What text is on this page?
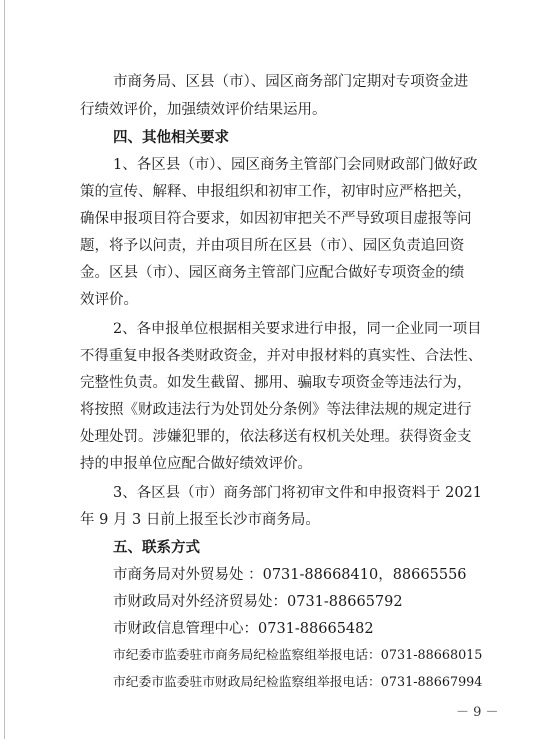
市商务局、区县（市）、园区商务部门定期对专项资金进
行绩效评价，加强绩效评价结果运用。
四、其他相关要求
1、各区县（市）、园区商务主管部门会同财政部门做好政
策的宣传、解释、申报组织和初审工作，初审时应严格把关，
确保申报项目符合要求，如因初审把关不严导致项目虚报等问
题，将予以问责，并由项目所在区县（市）、园区负责追回资
金。区县（市）、园区商务主管部门应配合做好专项资金的绩
效评价。
2、各申报单位根据相关要求进行申报，同一企业同一项目
不得重复申报各类财政资金，并对申报材料的真实性、合法性、
完整性负责。如发生截留、挪用、骗取专项资金等违法行为，
将按照《财政违法行为处罚处分条例》等法律法规的规定进行
处理处罚。涉嫌犯罪的，依法移送有权机关处理。获得资金支
持的申报单位应配合做好绩效评价。
3、各区县（市）商务部门将初审文件和申报资料于 2021
年 9 月 3 日前上报至长沙市商务局。
五、联系方式
市商务局对外贸易处 ：0731-88668410，88665556
市财政局对外经济贸易处：0731-88665792
市财政信息管理中心：0731-88665482
市纪委市监委驻市商务局纪检监察组举报电话：0731-88668015
市纪委市监委驻市财政局纪检监察组举报电话：0731-88667994
－ 9 －
